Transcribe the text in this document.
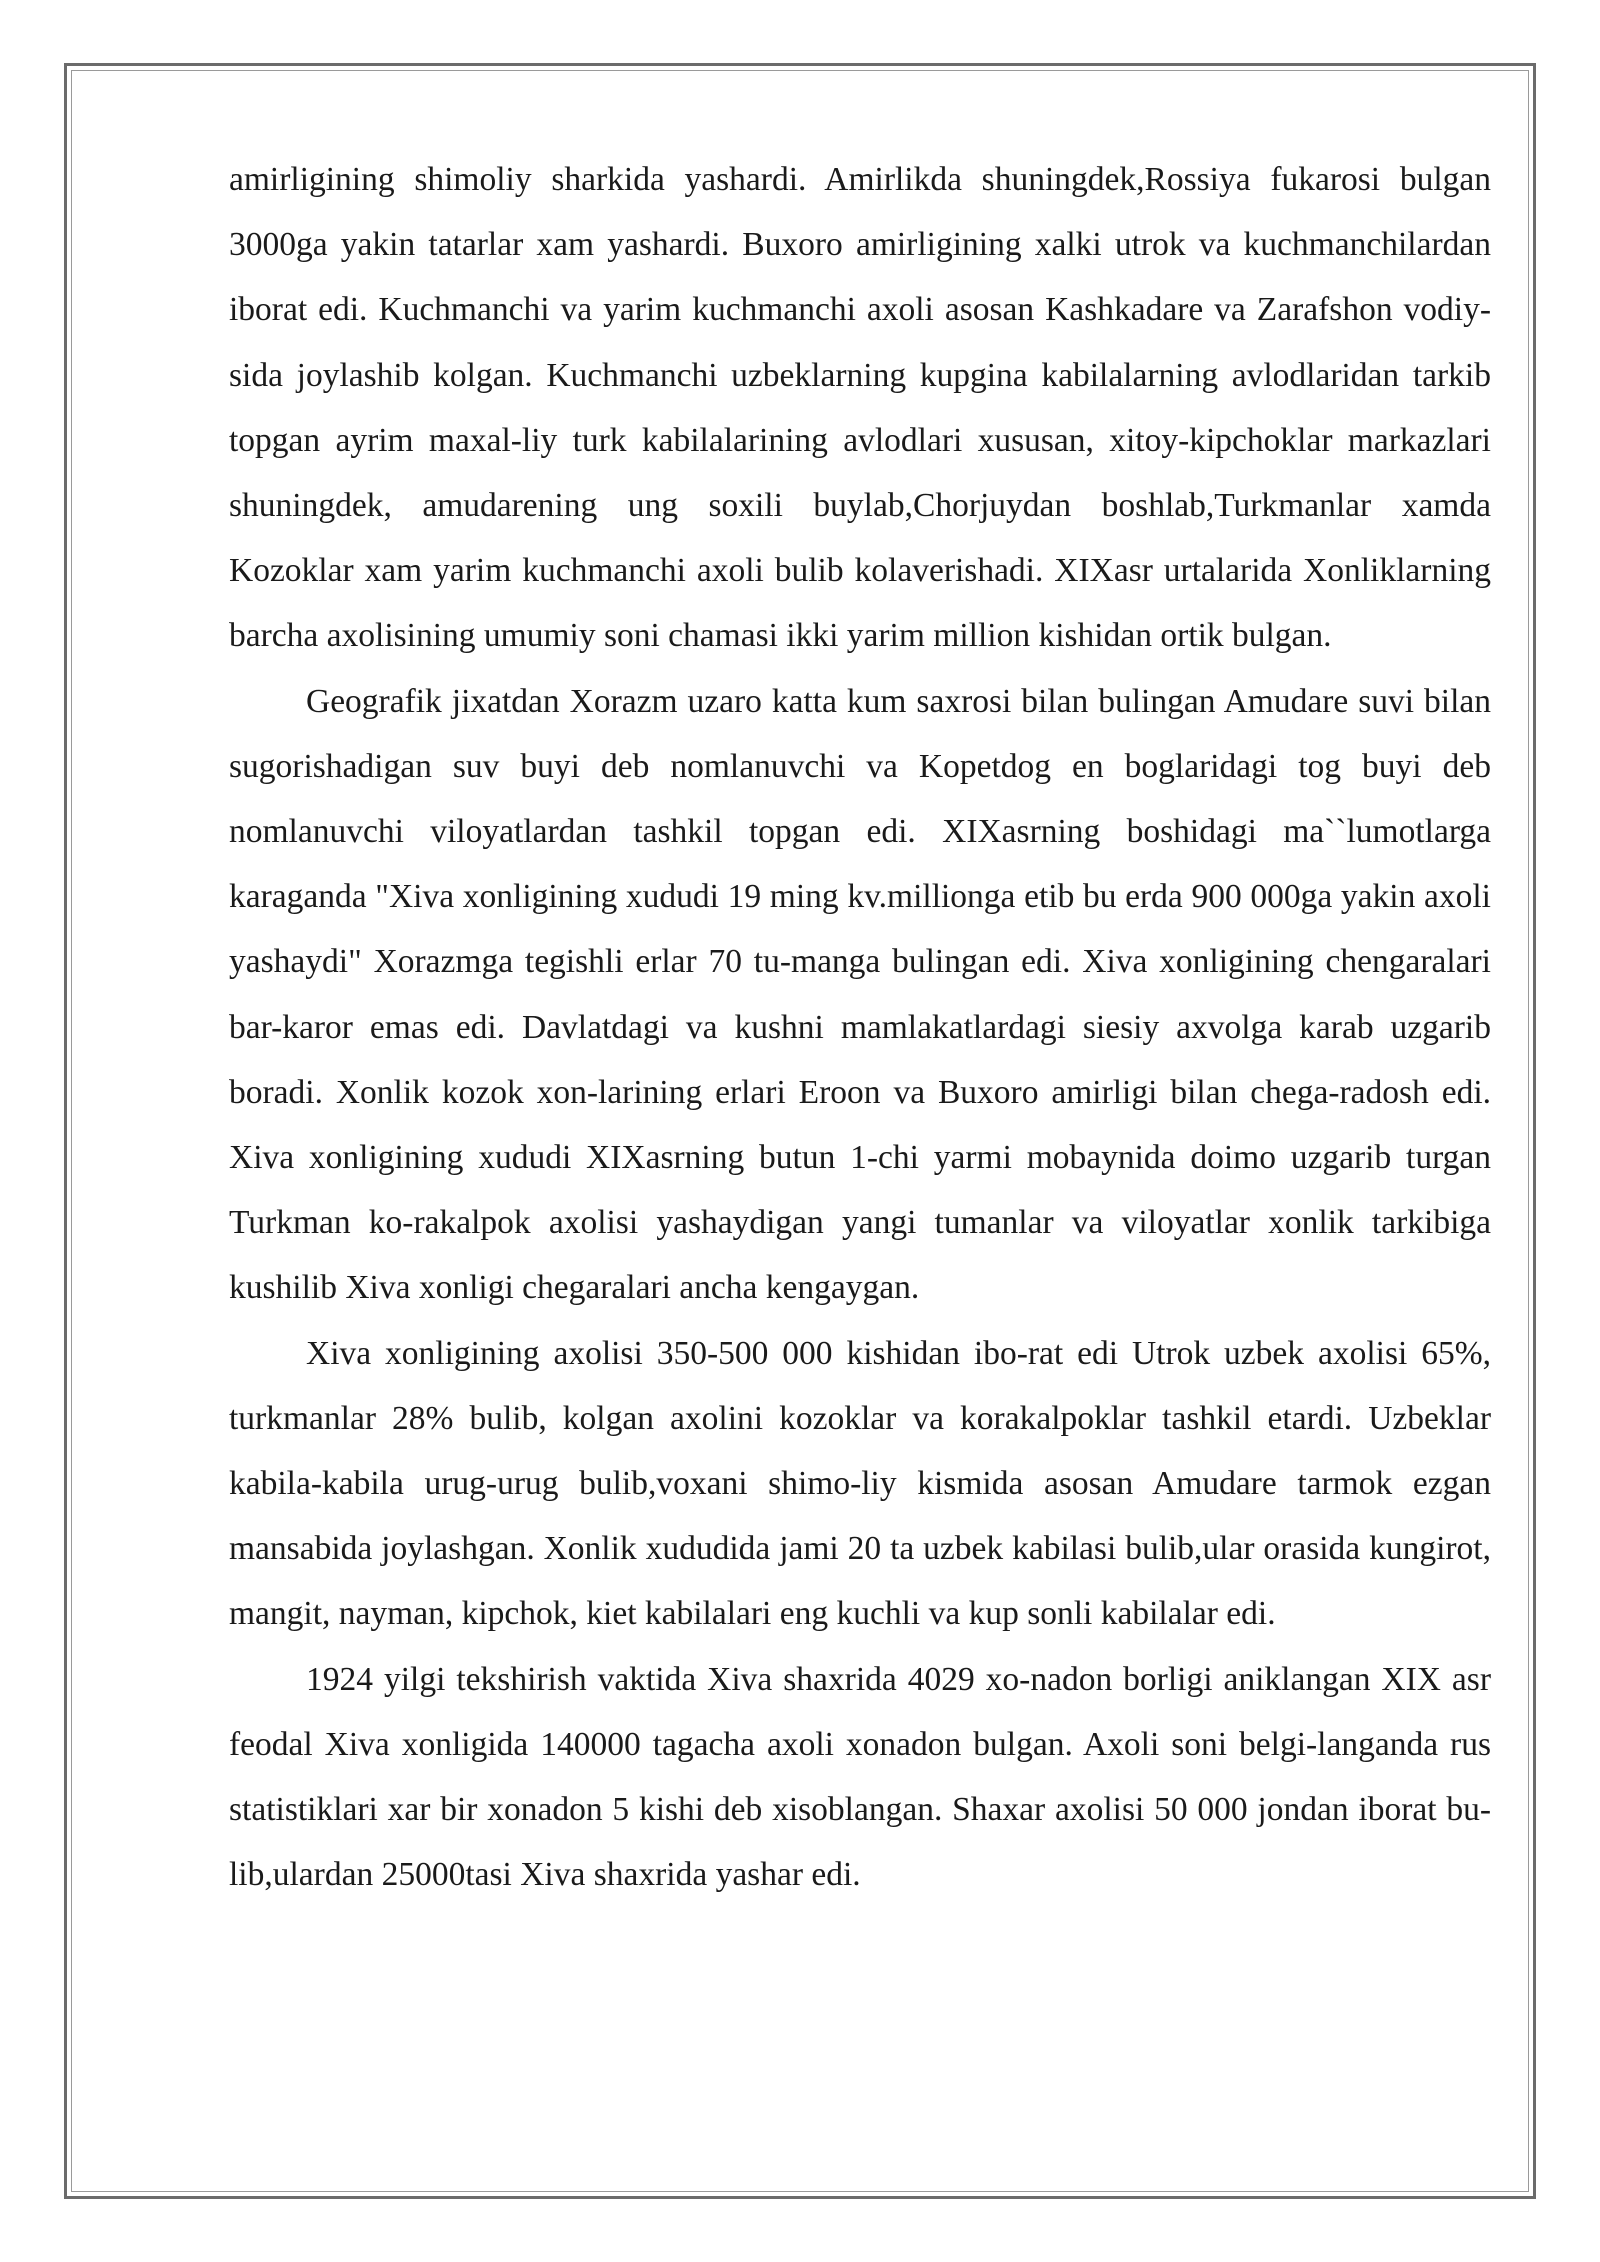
amirligining shimoliy sharkida yashardi. Amirlikda shuningdek,Rossiya fukarosi bulgan 3000ga yakin tatarlar xam yashardi. Buxoro amirligining xalki utrok va kuchmanchilardan iborat edi. Kuchmanchi va yarim kuchmanchi axoli asosan Kashkadare va Zarafshon vodiy-sida joylashib kolgan. Kuchmanchi uzbeklarning kupgina kabilalarning avlodlaridan tarkib topgan ayrim maxal-liy turk kabilalarining avlodlari xususan, xitoy-kipchoklar markazlari shuningdek, amudarening ung soxili buylab,Chorjuydan boshlab,Turkmanlar xamda Kozoklar xam yarim kuchmanchi axoli bulib kolaverishadi. XIXasr urtalarida Xonliklarning barcha axolisining umumiy soni chamasi ikki yarim million kishidan ortik bulgan.

Geografik jixatdan Xorazm uzaro katta kum saxrosi bilan bulingan Amudare suvi bilan sugorishadigan suv buyi deb nomlanuvchi va Kopetdog en boglaridagi tog buyi deb nomlanuvchi viloyatlardan tashkil topgan edi. XIXasrning boshidagi ma``lumotlarga karaganda "Xiva xonligining xududi 19 ming kv.millionga etib bu erda 900 000ga yakin axoli yashaydi" Xorazmga tegishli erlar 70 tu-manga bulingan edi. Xiva xonligining chengaralari bar-karor emas edi. Davlatdagi va kushni mamlakatlardagi siesiy axvolga karab uzgarib boradi. Xonlik kozok xon-larining erlari Eroon va Buxoro amirligi bilan chega-radosh edi. Xiva xonligining xududi XIXasrning butun 1-chi yarmi mobaynida doimo uzgarib turgan Turkman ko-rakalpok axolisi yashaydigan yangi tumanlar va viloyatlar xonlik tarkibiga kushilib Xiva xonligi chegaralari ancha kengaygan.

Xiva xonligining axolisi 350-500 000 kishidan ibo-rat edi Utrok uzbek axolisi 65%, turkmanlar 28% bulib, kolgan axolini kozoklar va korakalpoklar tashkil etardi. Uzbeklar kabila-kabila urug-urug bulib,voxani shimo-liy kismida asosan Amudare tarmok ezgan mansabida joylashgan. Xonlik xududida jami 20 ta uzbek kabilasi bulib,ular orasida kungirot, mangit, nayman, kipchok, kiet kabilalari eng kuchli va kup sonli kabilalar edi.

1924 yilgi tekshirish vaktida Xiva shaxrida 4029 xo-nadon borligi aniklangan XIX asr feodal Xiva xonligida 140000 tagacha axoli xonadon bulgan. Axoli soni belgi-langanda rus statistiklari xar bir xonadon 5 kishi deb xisoblangan. Shaxar axolisi 50 000 jondan iborat bu-lib,ulardan 25000tasi Xiva shaxrida yashar edi.
